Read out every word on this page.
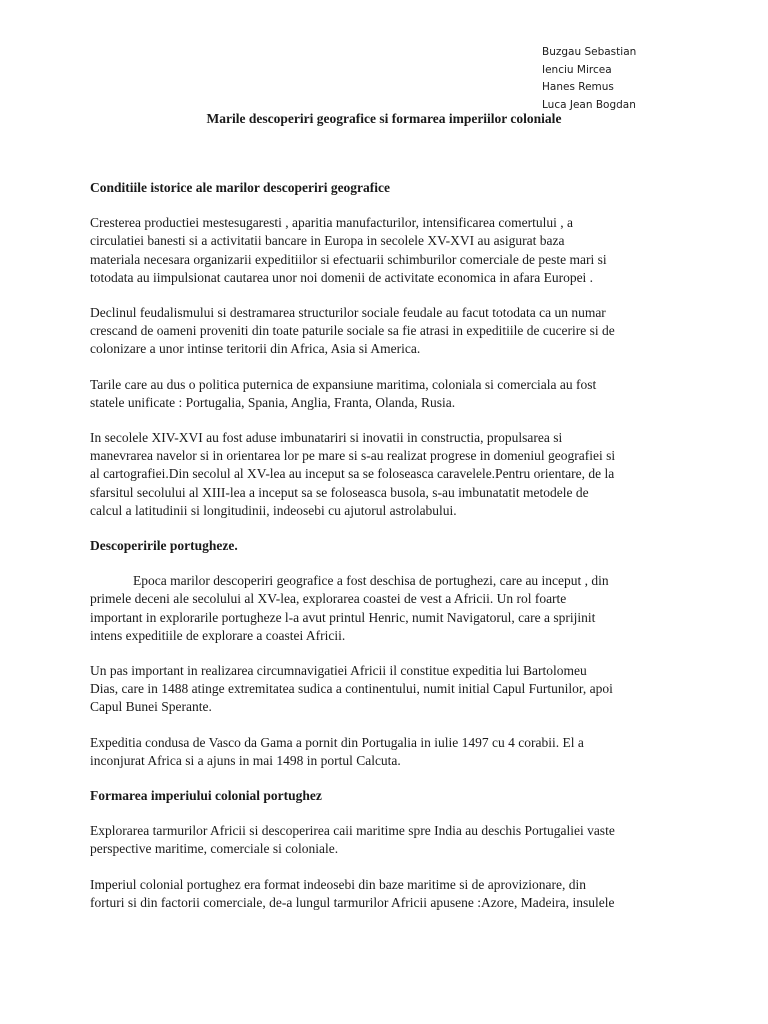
Buzgau Sebastian
Ienciu Mircea
Hanes Remus
Luca Jean Bogdan
Marile descoperiri geografice si formarea imperiilor coloniale
Conditiile istorice ale marilor descoperiri geografice

Cresterea productiei mestesugaresti , aparitia manufacturilor, intensificarea comertului , a
circulatiei banesti si a activitatii bancare in Europa in secolele XV-XVI au asigurat baza
materiala necesara organizarii expeditiilor si efectuarii schimburilor comerciale de peste mari si
totodata au iimpulsionat cautarea unor noi domenii de activitate economica in afara Europei .

Declinul feudalismului si destramarea structurilor sociale feudale au facut totodata ca un numar
crescand de oameni proveniti din toate paturile sociale sa fie atrasi in expeditiile de cucerire si de
colonizare a unor intinse teritorii din Africa, Asia si America.

Tarile care au dus o politica puternica de expansiune maritima, coloniala si comerciala au fost
statele unificate : Portugalia, Spania, Anglia, Franta, Olanda, Rusia.

In secolele XIV-XVI au fost aduse imbunatariri si inovatii in constructia, propulsarea si
manevrarea navelor si in orientarea lor pe mare si s-au realizat progrese in domeniul geografiei si
al cartografiei.Din secolul al XV-lea au inceput sa se foloseasca caravelele.Pentru orientare, de la
sfarsitul secolului al XIII-lea a inceput sa se foloseasca busola, s-au imbunatatit metodele de
calcul a latitudinii si longitudinii, indeosebi cu ajutorul astrolabului.

Descoperirile portugheze.

Epoca marilor descoperiri geografice a fost deschisa de portughezi, care au inceput , din
primele deceni ale secolului al XV-lea, explorarea coastei de vest a Africii. Un rol foarte
important in explorarile portugheze l-a avut printul Henric, numit Navigatorul, care a sprijinit
intens expeditiile de explorare a coastei Africii.

Un pas important in realizarea circumnavigatiei Africii il constitue expeditia lui Bartolomeu
Dias, care in 1488 atinge extremitatea sudica a continentului, numit initial Capul Furtunilor, apoi
Capul Bunei Sperante.

Expeditia condusa de Vasco da Gama a pornit din Portugalia in iulie 1497 cu 4 corabii. El a
inconjurat Africa si a ajuns in mai 1498 in portul Calcuta.

Formarea imperiului colonial portughez

Explorarea tarmurilor Africii si descoperirea caii maritime spre India au deschis Portugaliei vaste
perspective maritime, comerciale si coloniale.

Imperiul colonial portughez era format indeosebi din baze maritime si de aprovizionare, din
forturi si din factorii comerciale, de-a lungul tarmurilor Africii apusene :Azore, Madeira, insulele
